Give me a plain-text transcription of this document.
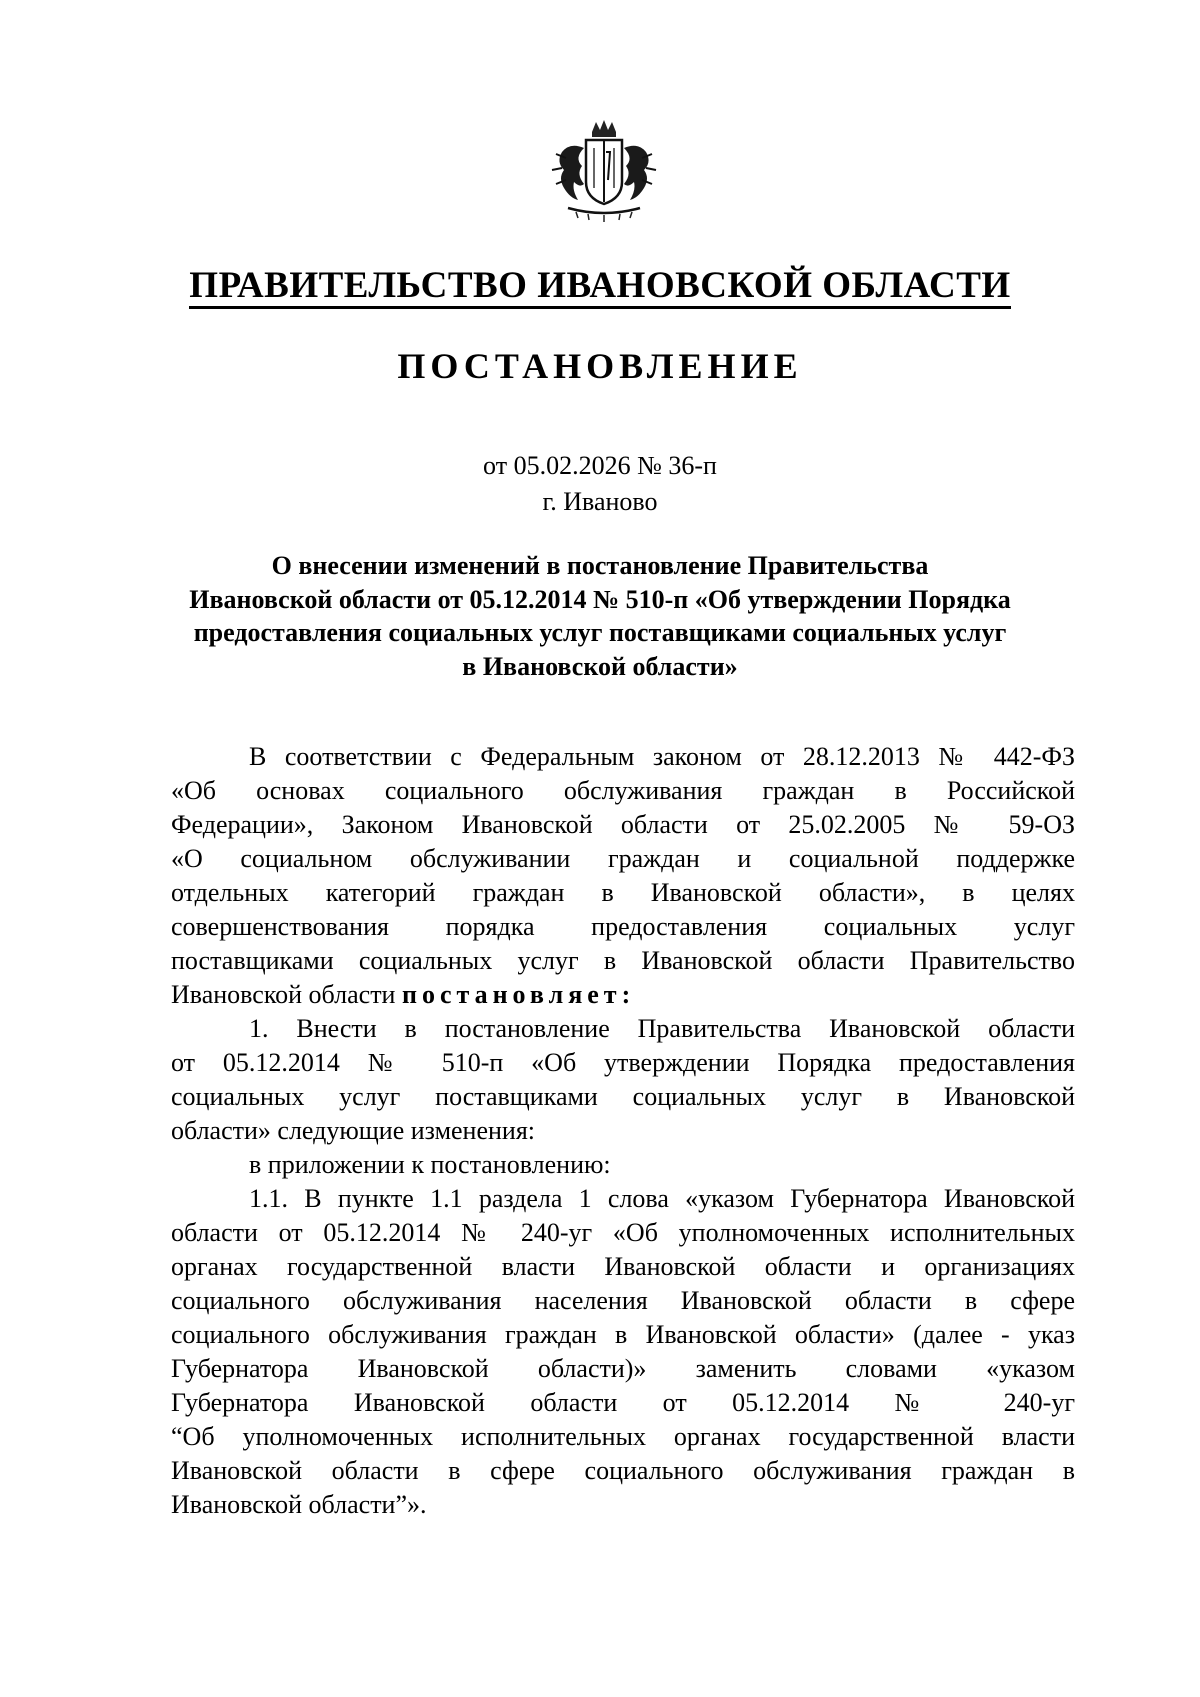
ПРАВИТЕЛЬСТВО ИВАНОВСКОЙ ОБЛАСТИ
ПОСТАНОВЛЕНИЕ
от 05.02.2026 № 36-п
г. Иваново
О внесении изменений в постановление Правительства
Ивановской области от 05.12.2014 № 510-п «Об утверждении Порядка
предоставления социальных услуг поставщиками социальных услуг
в Ивановской области»
В соответствии с Федеральным законом от 28.12.2013 № 442-ФЗ
«Об основах социального обслуживания граждан в Российской
Федерации», Законом Ивановской области от 25.02.2005 № 59-ОЗ
«О социальном обслуживании граждан и социальной поддержке
отдельных категорий граждан в Ивановской области», в целях
совершенствования порядка предоставления социальных услуг
поставщиками социальных услуг в Ивановской области Правительство
Ивановской области постановляет:
1. Внести в постановление Правительства Ивановской области
от 05.12.2014 № 510-п «Об утверждении Порядка предоставления
социальных услуг поставщиками социальных услуг в Ивановской
области» следующие изменения:
в приложении к постановлению:
1.1. В пункте 1.1 раздела 1 слова «указом Губернатора Ивановской
области от 05.12.2014 № 240-уг «Об уполномоченных исполнительных
органах государственной власти Ивановской области и организациях
социального обслуживания населения Ивановской области в сфере
социального обслуживания граждан в Ивановской области» (далее - указ
Губернатора Ивановской области)» заменить словами «указом
Губернатора Ивановской области от 05.12.2014 № 240-уг
“Об уполномоченных исполнительных органах государственной власти
Ивановской области в сфере социального обслуживания граждан в
Ивановской области”».
